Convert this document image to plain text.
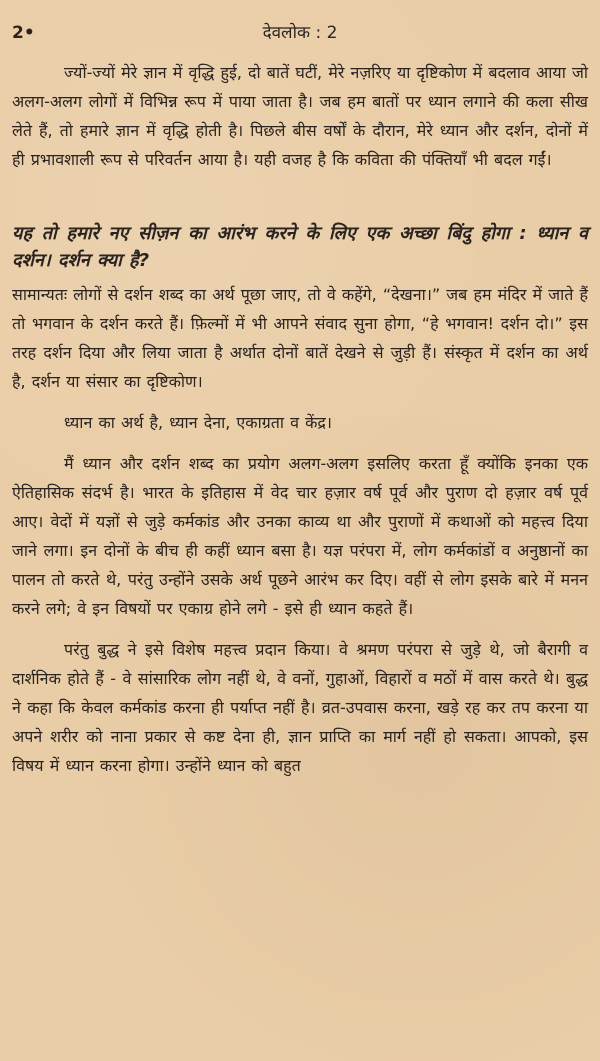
2•	देवलोक : 2

ज्यों-ज्यों मेरे ज्ञान में वृद्धि हुई, दो बातें घटीं, मेरे नज़रिए या दृष्टिकोण में बदलाव आया जो अलग-अलग लोगों में विभिन्न रूप में पाया जाता है। जब हम बातों पर ध्यान लगाने की कला सीख लेते हैं, तो हमारे ज्ञान में वृद्धि होती है। पिछले बीस वर्षों के दौरान, मेरे ध्यान और दर्शन, दोनों में ही प्रभावशाली रूप से परिवर्तन आया है। यही वजह है कि कविता की पंक्तियाँ भी बदल गईं।

यह तो हमारे नए सीज़न का आरंभ करने के लिए एक अच्छा बिंदु होगा : ध्यान व दर्शन। दर्शन क्या है?

सामान्यतः लोगों से दर्शन शब्द का अर्थ पूछा जाए, तो वे कहेंगे, “देखना।” जब हम मंदिर में जाते हैं तो भगवान के दर्शन करते हैं। फ़िल्मों में भी आपने संवाद सुना होगा, “हे भगवान! दर्शन दो।” इस तरह दर्शन दिया और लिया जाता है अर्थात दोनों बातें देखने से जुड़ी हैं। संस्कृत में दर्शन का अर्थ है, दर्शन या संसार का दृष्टिकोण।

ध्यान का अर्थ है, ध्यान देना, एकाग्रता व केंद्र।

मैं ध्यान और दर्शन शब्द का प्रयोग अलग-अलग इसलिए करता हूँ क्योंकि इनका एक ऐतिहासिक संदर्भ है। भारत के इतिहास में वेद चार हज़ार वर्ष पूर्व और पुराण दो हज़ार वर्ष पूर्व आए। वेदों में यज्ञों से जुड़े कर्मकांड और उनका काव्य था और पुराणों में कथाओं को महत्त्व दिया जाने लगा। इन दोनों के बीच ही कहीं ध्यान बसा है। यज्ञ परंपरा में, लोग कर्मकांडों व अनुष्ठानों का पालन तो करते थे, परंतु उन्होंने उसके अर्थ पूछने आरंभ कर दिए। वहीं से लोग इसके बारे में मनन करने लगे; वे इन विषयों पर एकाग्र होने लगे - इसे ही ध्यान कहते हैं।

परंतु बुद्ध ने इसे विशेष महत्त्व प्रदान किया। वे श्रमण परंपरा से जुड़े थे, जो बैरागी व दार्शनिक होते हैं - वे सांसारिक लोग नहीं थे, वे वनों, गुहाओं, विहारों व मठों में वास करते थे। बुद्ध ने कहा कि केवल कर्मकांड करना ही पर्याप्त नहीं है। व्रत-उपवास करना, खड़े रह कर तप करना या अपने शरीर को नाना प्रकार से कष्ट देना ही, ज्ञान प्राप्ति का मार्ग नहीं हो सकता। आपको, इस विषय में ध्यान करना होगा। उन्होंने ध्यान को बहुत
